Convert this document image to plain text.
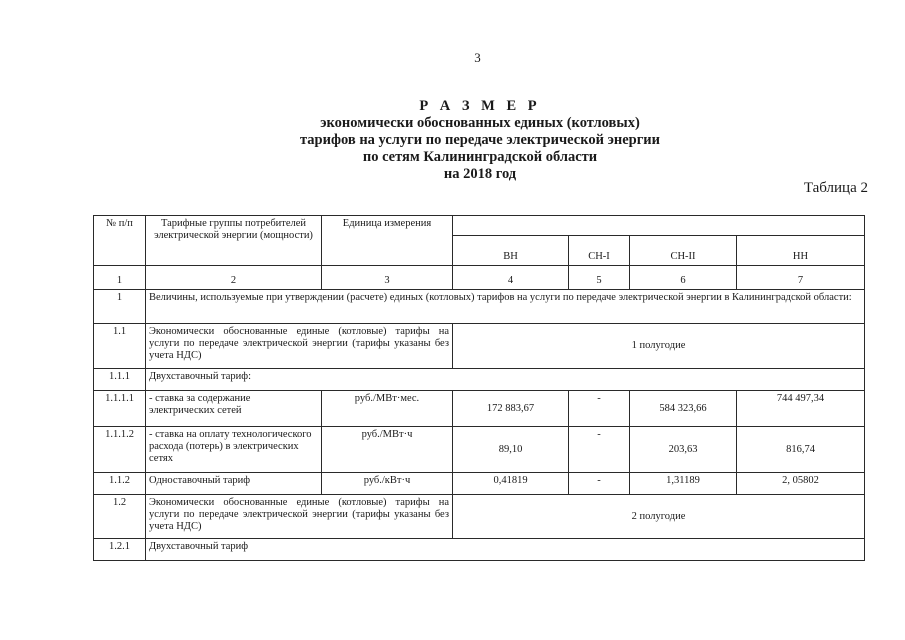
3
Р А З М Е Р
экономически обоснованных единых (котловых)
тарифов на услуги по передаче электрической энергии
по сетям Калининградской области
на 2018 год
Таблица 2
№ п/п	Тарифные группы потребителей электрической энергии (мощности)	Единица измерения				
			ВН	СН-I	СН-II	НН
1	2	3	4	5	6	7
1	Величины, используемые при утверждении (расчете) единых (котловых) тарифов на услуги по передаче электрической энергии в Калининградской области:					
1.1	Экономически обоснованные единые (котловые) тарифы на услуги по передаче электрической энергии (тарифы указаны без учета НДС)		1 полугодие			
1.1.1	Двухставочный тариф:					
1.1.1.1	- ставка за содержание электрических сетей	руб./МВт·мес.	172 883,67	-	584 323,66	744 497,34
1.1.1.2	- ставка на оплату технологического расхода (потерь) в электрических сетях	руб./МВт·ч	89,10	-	203,63	816,74
1.1.2	Одноставочный тариф	руб./кВт·ч	0,41819	-	1,31189	2, 05802
1.2	Экономически обоснованные единые (котловые) тарифы на услуги по передаче электрической энергии (тарифы указаны без учета НДС)		2 полугодие			
1.2.1	Двухставочный тариф					
